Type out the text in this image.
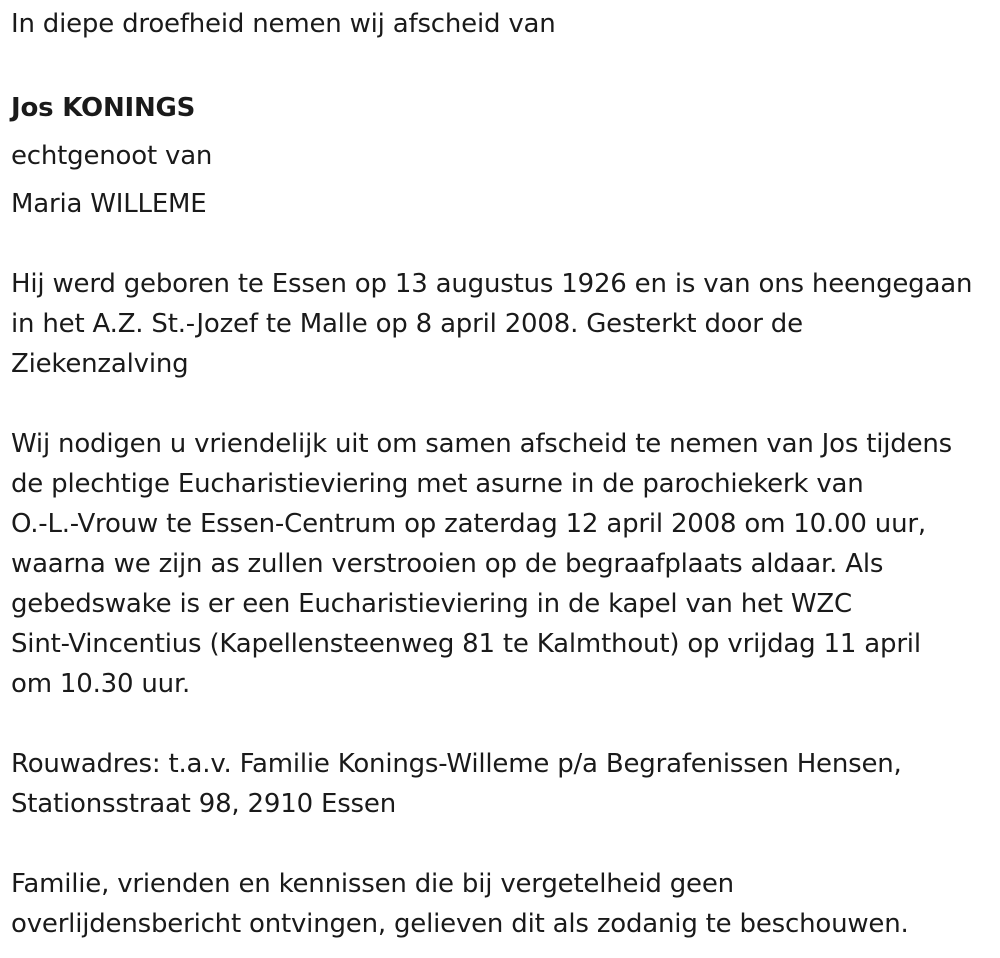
In diepe droefheid nemen wij afscheid van
Jos KONINGS
echtgenoot van
Maria WILLEME
Hij werd geboren te Essen op 13 augustus 1926 en is van ons heengegaan
in het A.Z. St.-Jozef te Malle op 8 april 2008. Gesterkt door de
Ziekenzalving
Wij nodigen u vriendelijk uit om samen afscheid te nemen van Jos tijdens
de plechtige Eucharistieviering met asurne in de parochiekerk van
O.-L.-Vrouw te Essen-Centrum op zaterdag 12 april 2008 om 10.00 uur,
waarna we zijn as zullen verstrooien op de begraafplaats aldaar. Als
gebedswake is er een Eucharistieviering in de kapel van het WZC
Sint-Vincentius (Kapellensteenweg 81 te Kalmthout) op vrijdag 11 april
om 10.30 uur.
Rouwadres: t.a.v. Familie Konings-Willeme p/a Begrafenissen Hensen,
Stationsstraat 98, 2910 Essen
Familie, vrienden en kennissen die bij vergetelheid geen
overlijdensbericht ontvingen, gelieven dit als zodanig te beschouwen.
